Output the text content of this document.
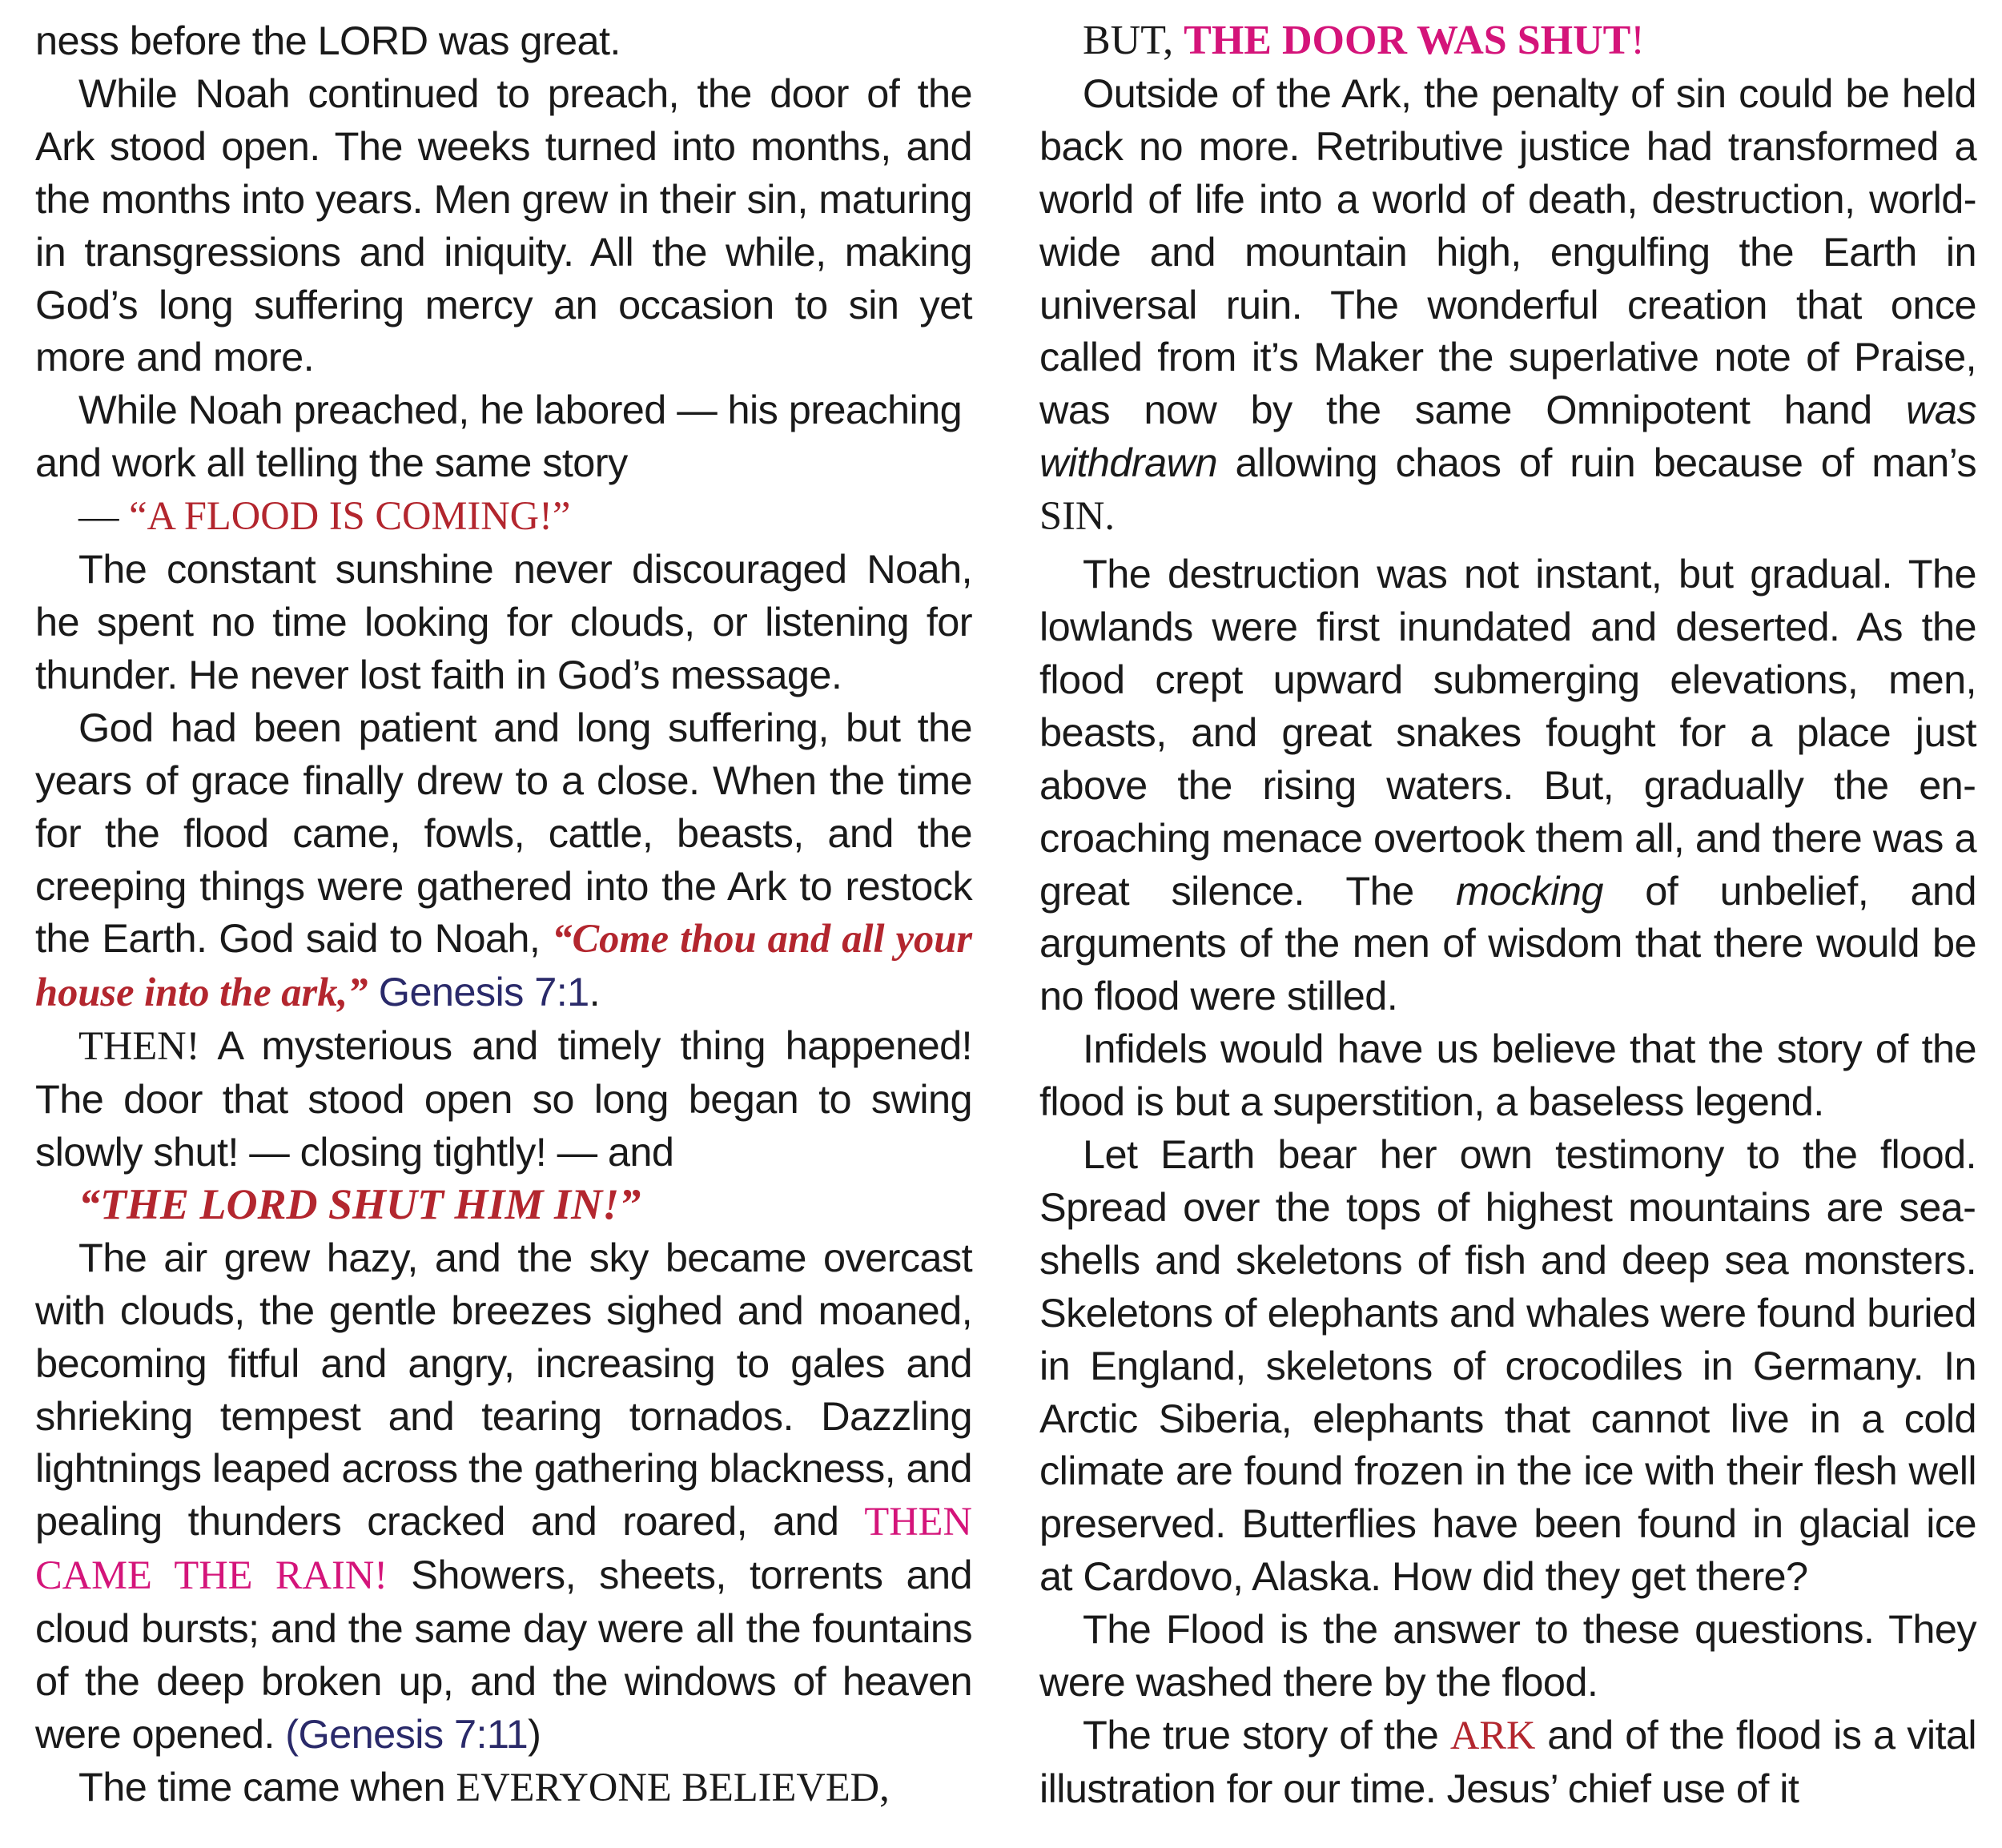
ness before the LORD was great.

While Noah continued to preach, the door of the Ark stood open. The weeks turned into months, and the months into years. Men grew in their sin, maturing in transgressions and iniquity. All the while, making God’s long suffering mercy an occasion to sin yet more and more.

While Noah preached, he labored — his preaching and work all telling the same story

— “A FLOOD IS COMING!”

The constant sunshine never discouraged Noah, he spent no time looking for clouds, or listening for thunder. He never lost faith in God’s message.

God had been patient and long suffering, but the years of grace finally drew to a close. When the time for the flood came, fowls, cattle, beasts, and the creeping things were gathered into the Ark to restock the Earth. God said to Noah, “Come thou and all your house into the ark,” Genesis 7:1.

THEN! A mysterious and timely thing happened! The door that stood open so long began to swing slowly shut! — closing tightly! — and

“THE LORD SHUT HIM IN!”

The air grew hazy, and the sky became overcast with clouds, the gentle breezes sighed and moaned, becoming fitful and angry, increasing to gales and shrieking tempest and tearing tornados. Dazzling lightnings leaped across the gathering blackness, and pealing thunders cracked and roared, and THEN CAME THE RAIN! Showers, sheets, torrents and cloud bursts; and the same day were all the fountains of the deep broken up, and the windows of heaven were opened. (Genesis 7:11)

The time came when EVERYONE BELIEVED,

BUT, THE DOOR WAS SHUT!

Outside of the Ark, the penalty of sin could be held back no more. Retributive justice had transformed a world of life into a world of death, destruction, world-wide and mountain high, engulfing the Earth in universal ruin. The wonderful creation that once called from it’s Maker the superlative note of Praise, was now by the same Omnipotent hand was withdrawn allowing chaos of ruin because of man’s SIN.

The destruction was not instant, but gradual. The lowlands were first inundated and deserted. As the flood crept upward submerging elevations, men, beasts, and great snakes fought for a place just above the rising waters. But, gradually the encroaching menace overtook them all, and there was a great silence. The mocking of unbelief, and arguments of the men of wisdom that there would be no flood were stilled.

Infidels would have us believe that the story of the flood is but a superstition, a baseless legend.

Let Earth bear her own testimony to the flood. Spread over the tops of highest mountains are seashells and skeletons of fish and deep sea monsters. Skeletons of elephants and whales were found buried in England, skeletons of crocodiles in Germany. In Arctic Siberia, elephants that cannot live in a cold climate are found frozen in the ice with their flesh well preserved. Butterflies have been found in glacial ice at Cardovo, Alaska. How did they get there?

The Flood is the answer to these questions. They were washed there by the flood.

The true story of the ARK and of the flood is a vital illustration for our time. Jesus’ chief use of it
